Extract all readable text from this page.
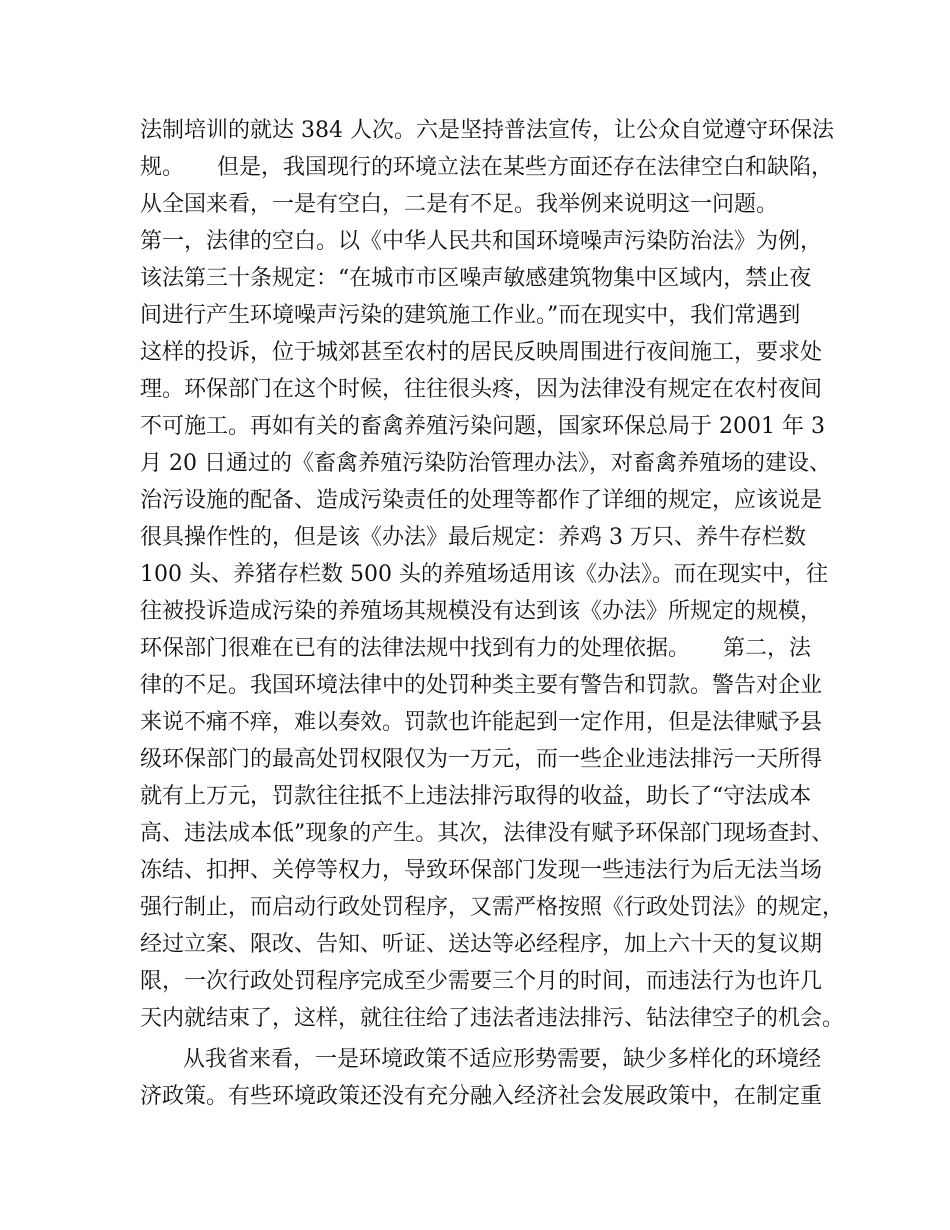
法制培训的就达 384 人次。六是坚持普法宣传，让公众自觉遵守环保法
规。　　但是，我国现行的环境立法在某些方面还存在法律空白和缺陷，
从全国来看，一是有空白，二是有不足。我举例来说明这一问题。
第一，法律的空白。以《中华人民共和国环境噪声污染防治法》为例，
该法第三十条规定：“在城市市区噪声敏感建筑物集中区域内，禁止夜
间进行产生环境噪声污染的建筑施工作业。”而在现实中，我们常遇到
这样的投诉，位于城郊甚至农村的居民反映周围进行夜间施工，要求处
理。环保部门在这个时候，往往很头疼，因为法律没有规定在农村夜间
不可施工。再如有关的畜禽养殖污染问题，国家环保总局于 2001 年 3
月 20 日通过的《畜禽养殖污染防治管理办法》，对畜禽养殖场的建设、
治污设施的配备、造成污染责任的处理等都作了详细的规定，应该说是
很具操作性的，但是该《办法》最后规定：养鸡 3 万只、养牛存栏数
100 头、养猪存栏数 500 头的养殖场适用该《办法》。而在现实中，往
往被投诉造成污染的养殖场其规模没有达到该《办法》所规定的规模，
环保部门很难在已有的法律法规中找到有力的处理依据。　　第二，法
律的不足。我国环境法律中的处罚种类主要有警告和罚款。警告对企业
来说不痛不痒，难以奏效。罚款也许能起到一定作用，但是法律赋予县
级环保部门的最高处罚权限仅为一万元，而一些企业违法排污一天所得
就有上万元，罚款往往抵不上违法排污取得的收益，助长了“守法成本
高、违法成本低”现象的产生。其次，法律没有赋予环保部门现场查封、
冻结、扣押、关停等权力，导致环保部门发现一些违法行为后无法当场
强行制止，而启动行政处罚程序，又需严格按照《行政处罚法》的规定，
经过立案、限改、告知、听证、送达等必经程序，加上六十天的复议期
限，一次行政处罚程序完成至少需要三个月的时间，而违法行为也许几
天内就结束了，这样，就往往给了违法者违法排污、钻法律空子的机会。
从我省来看，一是环境政策不适应形势需要，缺少多样化的环境经
济政策。有些环境政策还没有充分融入经济社会发展政策中，在制定重
